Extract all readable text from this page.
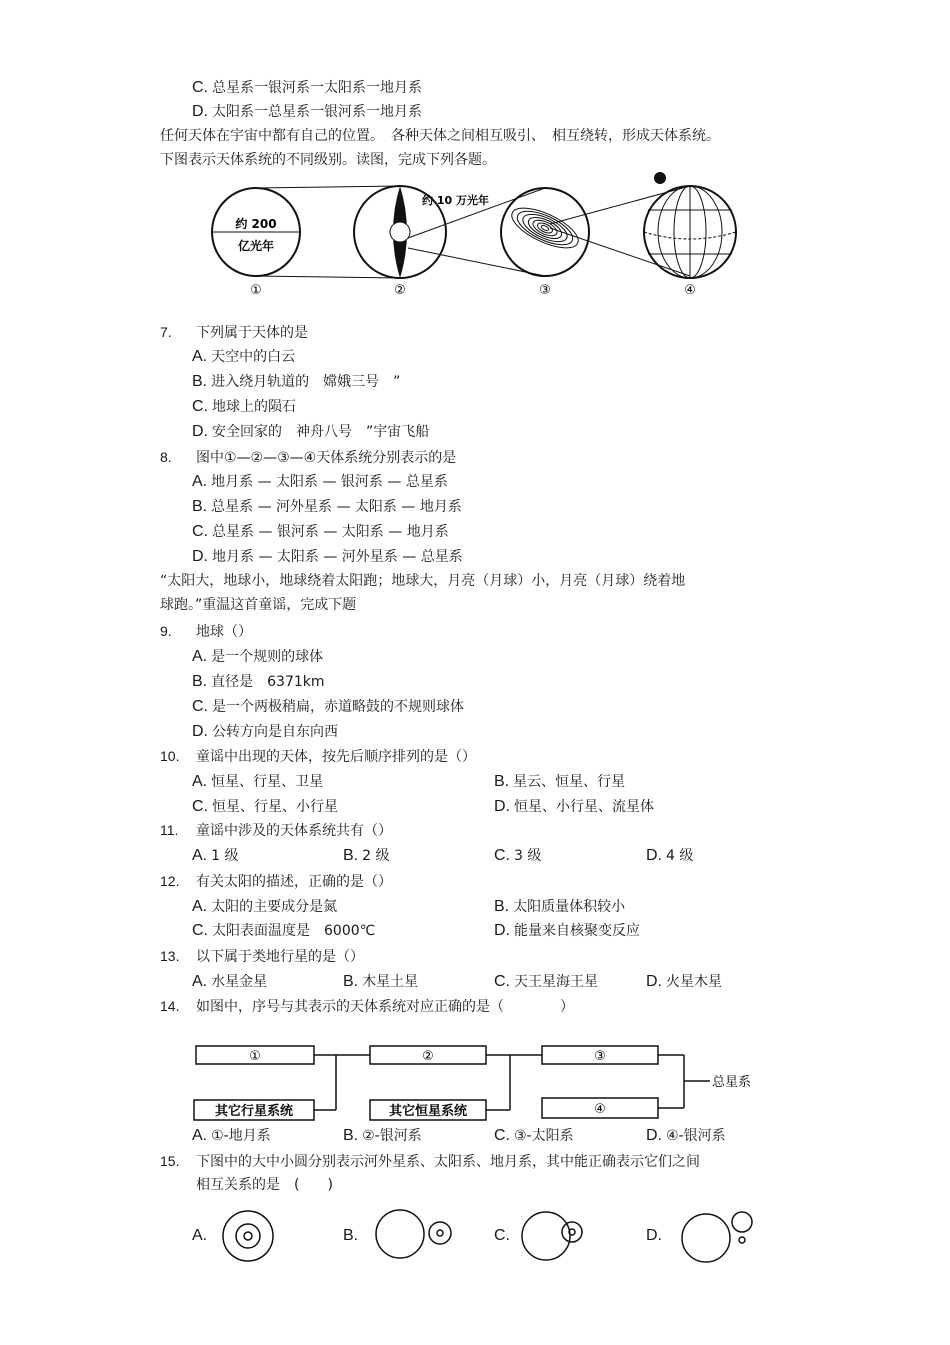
C. 总星系一银河系一太阳系一地月系
D. 太阳系一总星系一银河系一地月系
任何天体在宇宙中都有自己的位置。　各种天体之间相互吸引、　相互绕转，形成天体系统。
下图表示天体系统的不同级别。读图，完成下列各题。
约 200
亿光年
约 10 万光年
①	②	③	④
7. 下列属于天体的是
A. 天空中的白云
B. 进入绕月轨道的　嫦娥三号　”
C. 地球上的陨石
D. 安全回家的　神舟八号　”宇宙飞船
8. 图中①—②—③—④天体系统分别表示的是
A. 地月系 — 太阳系 — 银河系 — 总星系
B. 总星系 — 河外星系 — 太阳系 — 地月系
C. 总星系 — 银河系 — 太阳系 — 地月系
D. 地月系 — 太阳系 — 河外星系 — 总星系
“太阳大，地球小，地球绕着太阳跑；地球大，月亮（月球）小，月亮（月球）绕着地
球跑。”重温这首童谣，完成下题
9. 地球（）
A. 是一个规则的球体
B. 直径是　6371km
C. 是一个两极稍扁，赤道略鼓的不规则球体
D. 公转方向是自东向西
10. 童谣中出现的天体，按先后顺序排列的是（）
A. 恒星、行星、卫星	B. 星云、恒星、行星
C. 恒星、行星、小行星	D. 恒星、小行星、流星体
11. 童谣中涉及的天体系统共有（）
A. 1 级	B. 2 级	C. 3 级	D. 4 级
12. 有关太阳的描述，正确的是（）
A. 太阳的主要成分是氮	B. 太阳质量体积较小
C. 太阳表面温度是　6000℃	D. 能量来自核聚变反应
13. 以下属于类地行星的是（）
A. 水星金星	B. 木星土星	C. 天王星海王星	D. 火星木星
14. 如图中，序号与其表示的天体系统对应正确的是（　　　　）
①	②	③
④
其它行星系统	其它恒星系统
总星系
A. ①-地月系	B. ②-银河系	C. ③-太阳系	D. ④-银河系
15. 下图中的大中小圆分别表示河外星系、太阳系、地月系，其中能正确表示它们之间
相互关系的是　(　　)
A.	B.	C.	D.
